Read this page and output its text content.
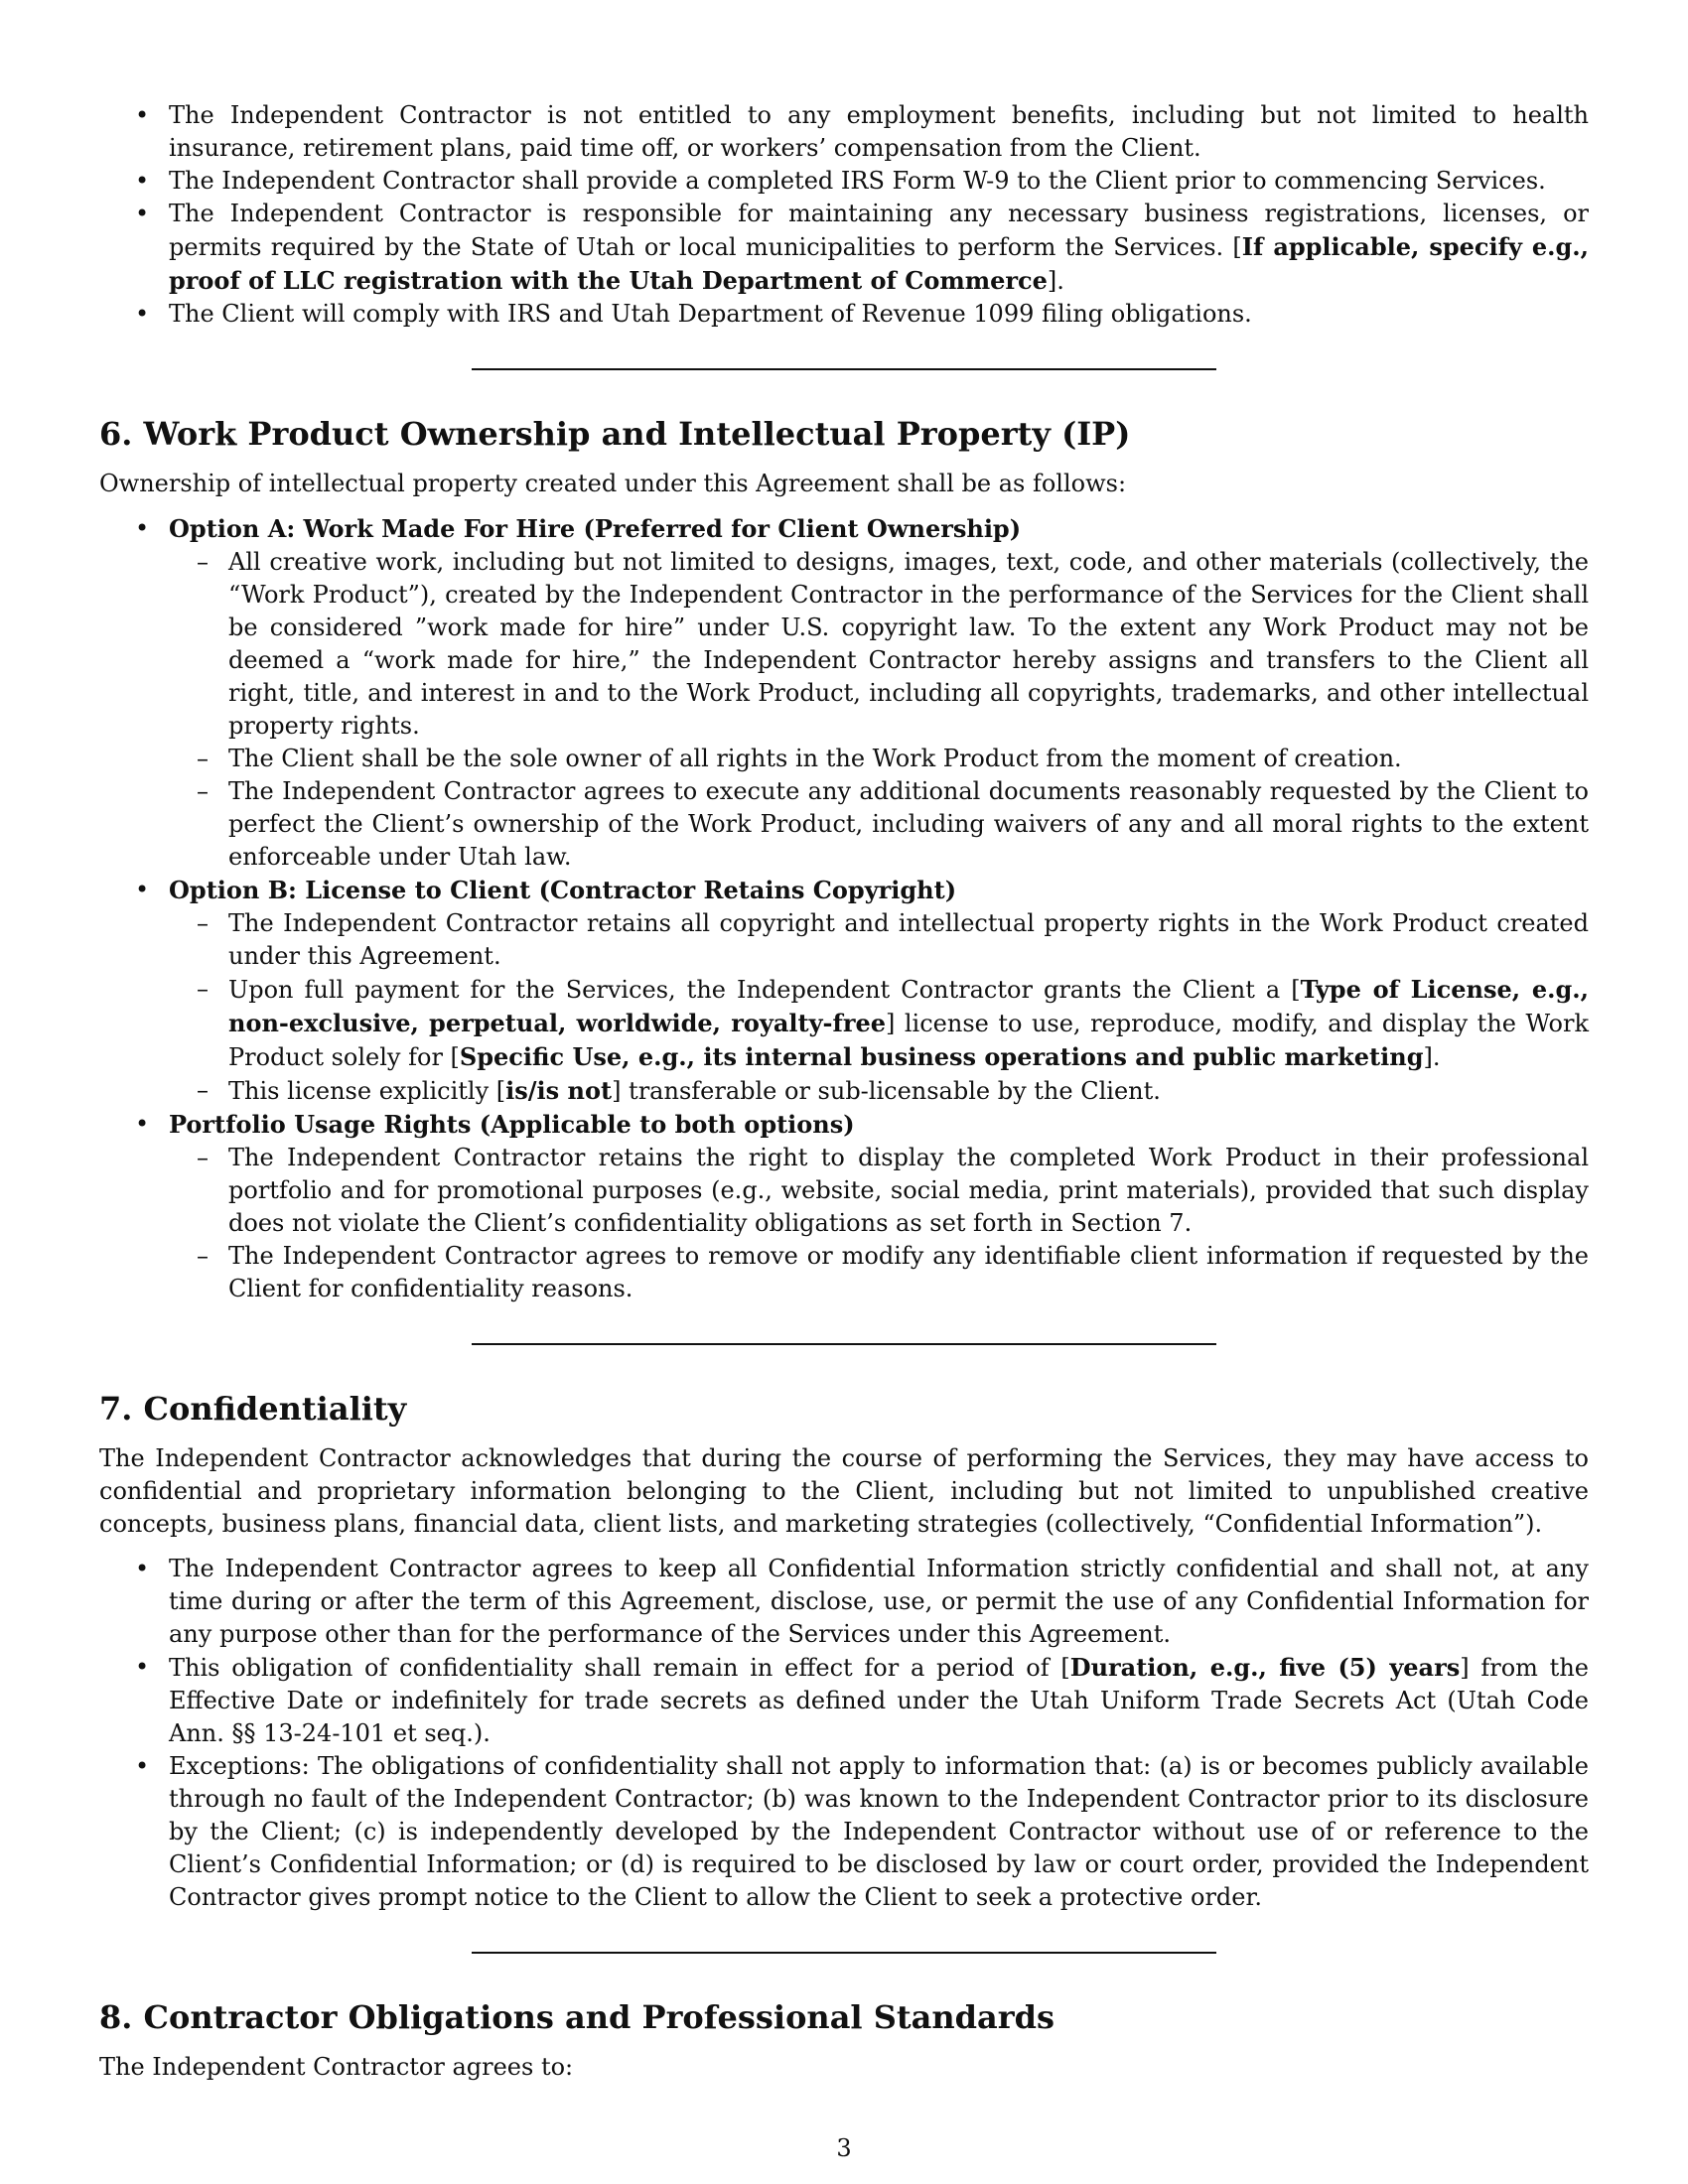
• The Independent Contractor is not entitled to any employment benefits, including but not limited to health insurance, retirement plans, paid time off, or workers’ compensation from the Client.
• The Independent Contractor shall provide a completed IRS Form W-9 to the Client prior to commencing Services.
• The Independent Contractor is responsible for maintaining any necessary business registrations, licenses, or permits required by the State of Utah or local municipalities to perform the Services. [If applicable, specify e.g., proof of LLC registration with the Utah Department of Commerce].
• The Client will comply with IRS and Utah Department of Revenue 1099 filing obligations.
6. Work Product Ownership and Intellectual Property (IP)

Ownership of intellectual property created under this Agreement shall be as follows:

• Option A: Work Made For Hire (Preferred for Client Ownership)
– All creative work, including but not limited to designs, images, text, code, and other materials (collectively, the “Work Product”), created by the Independent Contractor in the performance of the Services for the Client shall be considered ”work made for hire” under U.S. copyright law. To the extent any Work Product may not be deemed a “work made for hire,” the Independent Contractor hereby assigns and transfers to the Client all right, title, and interest in and to the Work Product, including all copyrights, trademarks, and other intellectual property rights.
– The Client shall be the sole owner of all rights in the Work Product from the moment of creation.
– The Independent Contractor agrees to execute any additional documents reasonably requested by the Client to perfect the Client’s ownership of the Work Product, including waivers of any and all moral rights to the extent enforceable under Utah law.
• Option B: License to Client (Contractor Retains Copyright)
– The Independent Contractor retains all copyright and intellectual property rights in the Work Product created under this Agreement.
– Upon full payment for the Services, the Independent Contractor grants the Client a [Type of License, e.g., non-exclusive, perpetual, worldwide, royalty-free] license to use, reproduce, modify, and display the Work Product solely for [Specific Use, e.g., its internal business operations and public marketing].
– This license explicitly [is/is not] transferable or sub-licensable by the Client.
• Portfolio Usage Rights (Applicable to both options)
– The Independent Contractor retains the right to display the completed Work Product in their professional portfolio and for promotional purposes (e.g., website, social media, print materials), provided that such display does not violate the Client’s confidentiality obligations as set forth in Section 7.
– The Independent Contractor agrees to remove or modify any identifiable client information if requested by the Client for confidentiality reasons.
7. Confidentiality

The Independent Contractor acknowledges that during the course of performing the Services, they may have access to confidential and proprietary information belonging to the Client, including but not limited to unpublished creative concepts, business plans, financial data, client lists, and marketing strategies (collectively, “Confidential Information”).

• The Independent Contractor agrees to keep all Confidential Information strictly confidential and shall not, at any time during or after the term of this Agreement, disclose, use, or permit the use of any Confidential Information for any purpose other than for the performance of the Services under this Agreement.
• This obligation of confidentiality shall remain in effect for a period of [Duration, e.g., five (5) years] from the Effective Date or indefinitely for trade secrets as defined under the Utah Uniform Trade Secrets Act (Utah Code Ann. §§ 13-24-101 et seq.).
• Exceptions: The obligations of confidentiality shall not apply to information that: (a) is or becomes publicly available through no fault of the Independent Contractor; (b) was known to the Independent Contractor prior to its disclosure by the Client; (c) is independently developed by the Independent Contractor without use of or reference to the Client’s Confidential Information; or (d) is required to be disclosed by law or court order, provided the Independent Contractor gives prompt notice to the Client to allow the Client to seek a protective order.
8. Contractor Obligations and Professional Standards

The Independent Contractor agrees to:

3
